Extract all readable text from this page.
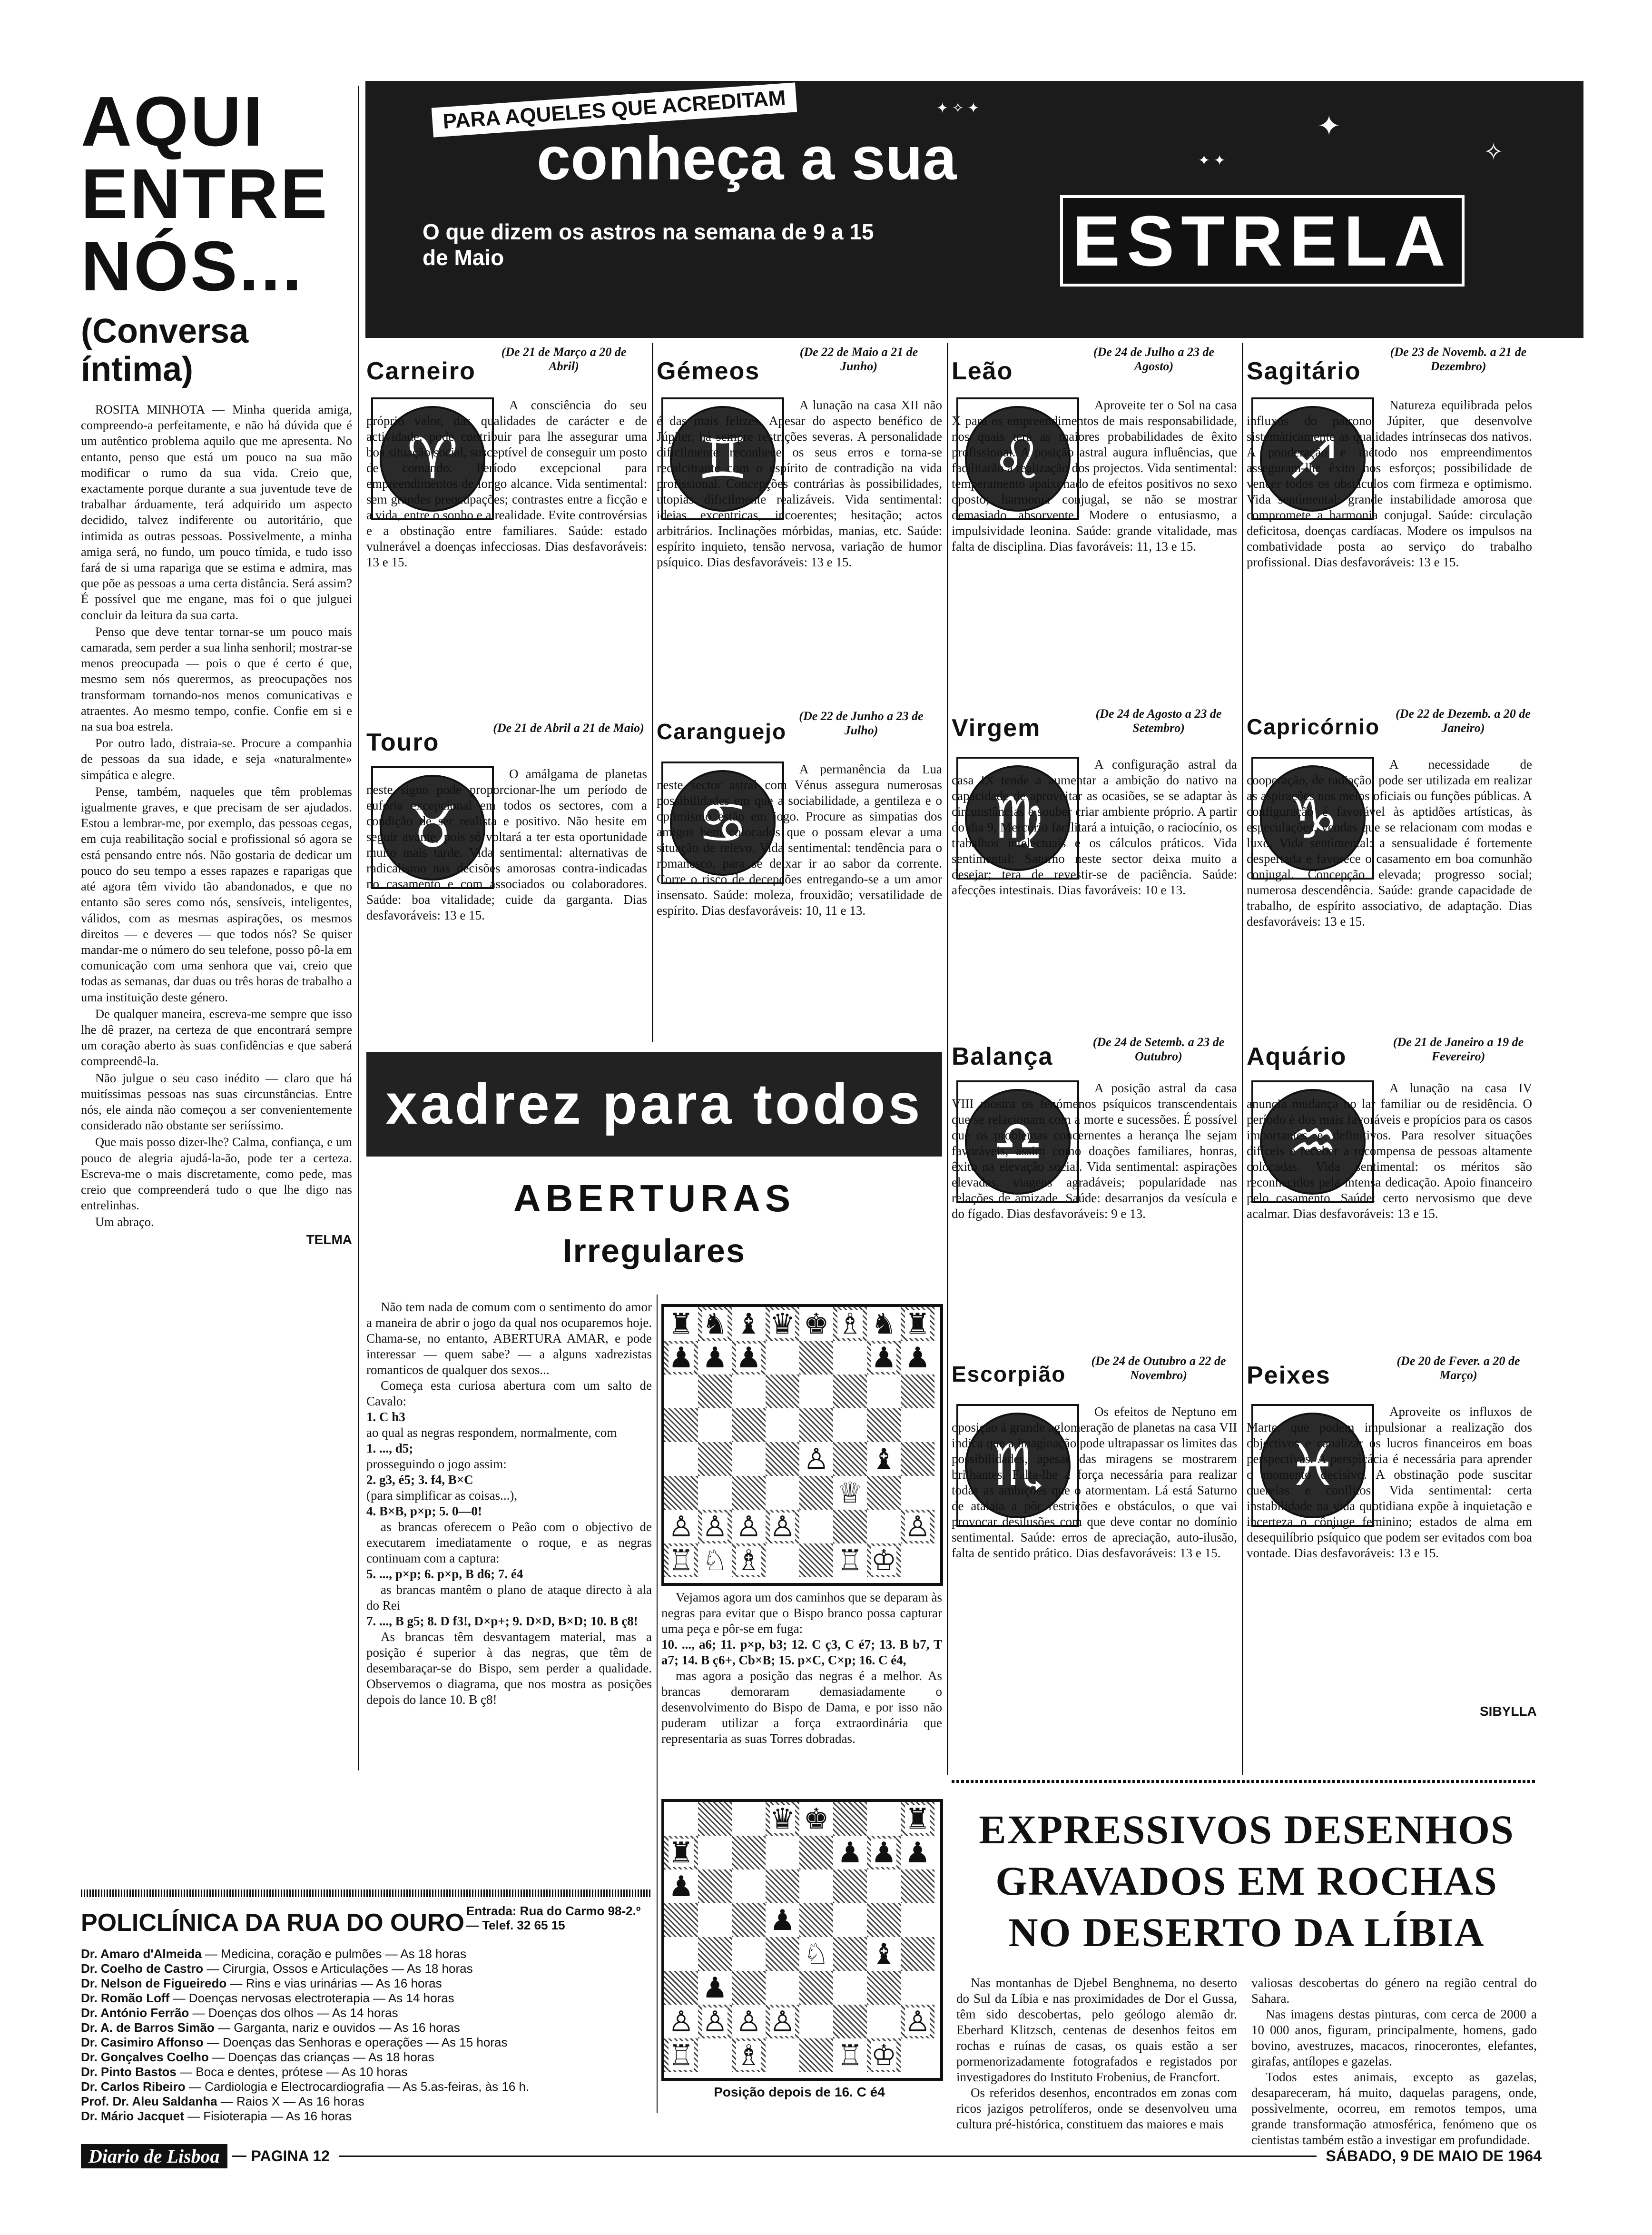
AQUI
ENTRE
NÓS...
(Conversa íntima)

ROSITA MINHOTA — Minha querida amiga, compreendo-a perfeitamente, e não há dúvida que é um autêntico problema aquilo que me apresenta. No entanto, penso que está um pouco na sua mão modificar o rumo da sua vida. Creio que, exactamente porque durante a sua juventude teve de trabalhar árduamente, terá adquirido um aspecto decidido, talvez indiferente ou autoritário, que intimida as outras pessoas. Possivelmente, a minha amiga será, no fundo, um pouco tímida, e tudo isso fará de si uma rapariga que se estima e admira, mas que põe as pessoas a uma certa distância. Será assim? É possível que me engane, mas foi o que julguei concluir da leitura da sua carta.

Penso que deve tentar tornar-se um pouco mais camarada, sem perder a sua linha senhoril; mostrar-se menos preocupada — pois o que é certo é que, mesmo sem nós querermos, as preocupações nos transformam tornando-nos menos comunicativas e atraentes. Ao mesmo tempo, confie. Confie em si e na sua boa estrela.

Por outro lado, distraia-se. Procure a companhia de pessoas da sua idade, e seja «naturalmente» simpática e alegre.

Pense, também, naqueles que têm problemas igualmente graves, e que precisam de ser ajudados. Estou a lembrar-me, por exemplo, das pessoas cegas, em cuja reabilitação social e profissional só agora se está pensando entre nós. Não gostaria de dedicar um pouco do seu tempo a esses rapazes e raparigas que até agora têm vivido tão abandonados, e que no entanto são seres como nós, sensíveis, inteligentes, válidos, com as mesmas aspirações, os mesmos direitos — e deveres — que todos nós? Se quiser mandar-me o número do seu telefone, posso pô-la em comunicação com uma senhora que vai, creio que todas as semanas, dar duas ou três horas de trabalho a uma instituição deste género.

De qualquer maneira, escreva-me sempre que isso lhe dê prazer, na certeza de que encontrará sempre um coração aberto às suas confidências e que saberá compreendê-la.

Não julgue o seu caso inédito — claro que há muitíssimas pessoas nas suas circunstâncias. Entre nós, ele ainda não começou a ser convenientemente considerado não obstante ser seriíssimo.

Que mais posso dizer-lhe? Calma, confiança, e um pouco de alegria ajudá-la-ão, pode ter a certeza. Escreva-me o mais discretamente, como pede, mas creio que compreenderá tudo o que lhe digo nas entrelinhas.

Um abraço.

TELMA
PARA AQUELES QUE ACREDITAM
conheça a sua
O que dizem os astros na semana de 9 a 15 de Maio	ESTRELA
✦ ✧ ✦
✦
✧
✦ ✦
Carneiro
(De 21 de Março a 20 de Abril)
♈
A consciência do seu próprio valor, das qualidades de carácter e de actividade, pode contribuir para lhe assegurar uma boa situação social, susceptível de conseguir um posto de comando. Período excepcional para empreendimentos de longo alcance. Vida sentimental: sem grandes preocupações; contrastes entre a ficção e a vida, entre o sonho e a realidade. Evite controvérsias e a obstinação entre familiares. Saúde: estado vulnerável a doenças infecciosas. Dias desfavoráveis: 13 e 15.
Gémeos
(De 22 de Maio a 21 de Junho)
♊
A lunação na casa XII não é das mais felizes. Apesar do aspecto benéfico de Júpiter, há sempre restrições severas. A personalidade dificilmente reconhece os seus erros e torna-se recalcitrante com o espírito de contradição na vida profissional. Concepções contrárias às possibilidades, utopias dificilmente realizáveis. Vida sentimental: ideias excêntricas, incoerentes; hesitação; actos arbitrários. Inclinações mórbidas, manias, etc. Saúde: espírito inquieto, tensão nervosa, variação de humor psíquico. Dias desfavoráveis: 13 e 15.
Leão
(De 24 de Julho a 23 de Agosto)
♌
Aproveite ter o Sol na casa X para os empreendimentos de mais responsabilidade, nos quais terá as maiores probabilidades de êxito profissional. A posição astral augura influências, que facilitarão a realização dos projectos. Vida sentimental: temperamento apaixonado de efeitos positivos no sexo oposto; harmonia conjugal, se não se mostrar demasiado absorvente. Modere o entusiasmo, a impulsividade leonina. Saúde: grande vitalidade, mas falta de disciplina. Dias favoráveis: 11, 13 e 15.
Sagitário
(De 23 de Novemb. a 21 de Dezembro)
♐
Natureza equilibrada pelos influxos do patrono Júpiter, que desenvolve sistemàticamente as qualidades intrínsecas dos nativos. A ponderação e método nos empreendimentos asseguram-lhe êxito nos esforços; possibilidade de vencer todos os obstáculos com firmeza e optimismo. Vida sentimental: grande instabilidade amorosa que compromete a harmonia conjugal. Saúde: circulação deficitosa, doenças cardíacas. Modere os impulsos na combatividade posta ao serviço do trabalho profissional. Dias desfavoráveis: 13 e 15.
Touro
(De 21 de Abril a 21 de Maio)
♉
O amálgama de planetas neste signo pode proporcionar-lhe um período de euforia excepcional em todos os sectores, com a condição de ser realista e positivo. Não hesite em seguir avante, pois só voltará a ter esta oportunidade muito mais tarde. Vida sentimental: alternativas de radicalismo nas decisões amorosas contra-indicadas no casamento e com associados ou colaboradores. Saúde: boa vitalidade; cuide da garganta. Dias desfavoráveis: 13 e 15.
Caranguejo
(De 22 de Junho a 23 de Julho)
♋
A permanência da Lua neste sector astral com Vénus assegura numerosas possibilidades em que a sociabilidade, a gentileza e o optimismo estão em jogo. Procure as simpatias dos amigos bem colocados que o possam elevar a uma situação de relevo. Vida sentimental: tendência para o romanesco, para se deixar ir ao sabor da corrente. Corre o risco de decepções entregando-se a um amor insensato. Saúde: moleza, frouxidão; versatilidade de espírito. Dias desfavoráveis: 10, 11 e 13.
Virgem
(De 24 de Agosto a 23 de Setembro)
♍
A configuração astral da casa IX tende a aumentar a ambição do nativo na capacidade de aproveitar as ocasiões, se se adaptar às circunstâncias e souber criar ambiente próprio. A partir do dia 9, Mercúrio facilitará a intuição, o raciocínio, os trabalhos intelectuais e os cálculos práticos. Vida sentimental: Saturno neste sector deixa muito a desejar; terá de revestir-se de paciência. Saúde: afecções intestinais. Dias favoráveis: 10 e 13.
Capricórnio
(De 22 de Dezemb. a 20 de Janeiro)
♑
A necessidade de cooperação, de radiação, pode ser utilizada em realizar as aspirações nos meios oficiais ou funções públicas. A configuração é favorável às aptidões artísticas, às especulações, vendas que se relacionam com modas e luxo. Vida sentimental: a sensualidade é fortemente despertada e favorece o casamento em boa comunhão conjugal. Concepção elevada; progresso social; numerosa descendência. Saúde: grande capacidade de trabalho, de espírito associativo, de adaptação. Dias desfavoráveis: 13 e 15.
Balança
(De 24 de Setemb. a 23 de Outubro)
♎
A posição astral da casa VIII mostra os fenómenos psíquicos transcendentais que se relacionam com a morte e sucessões. É possível que os problemas concernentes a herança lhe sejam favoráveis, assim como doações familiares, honras, êxito na elevação social. Vida sentimental: aspirações elevadas, viagens agradáveis; popularidade nas relações de amizade. Saúde: desarranjos da vesícula e do fígado. Dias desfavoráveis: 9 e 13.
Aquário
(De 21 de Janeiro a 19 de Fevereiro)
♒
A lunação na casa IV anuncia mudança no lar familiar ou de residência. O período é dos mais favoráveis e propícios para os casos importantes e definitivos. Para resolver situações difíceis e receber a recompensa de pessoas altamente colocadas. Vida sentimental: os méritos são reconhecidos pela intensa dedicação. Apoio financeiro pelo casamento. Saúde: certo nervosismo que deve acalmar. Dias desfavoráveis: 13 e 15.
Escorpião
(De 24 de Outubro a 22 de Novembro)
♏
Os efeitos de Neptuno em oposição à grande aglomeração de planetas na casa VII indica que a imaginação pode ultrapassar os limites das possibilidades, apesar das miragens se mostrarem brilhantes. Falta-lhe a força necessária para realizar todas as ambições que o atormentam. Lá está Saturno de atalaia a pôr restrições e obstáculos, o que vai provocar desilusões com que deve contar no domínio sentimental. Saúde: erros de apreciação, auto-ilusão, falta de sentido prático. Dias desfavoráveis: 13 e 15.
Peixes
(De 20 de Fever. a 20 de Março)
♓
Aproveite os influxos de Marte, que podem impulsionar a realização dos objectivos e canalizar os lucros financeiros em boas perspectivas. A perspicácia é necessária para aprender o momento decisivo. A obstinação pode suscitar querelas e conflitos. Vida sentimental: certa instabilidade na vida quotidiana expõe à inquietação e incerteza o cônjuge feminino; estados de alma em desequilíbrio psíquico que podem ser evitados com boa vontade. Dias desfavoráveis: 13 e 15.
SIBYLLA
xadrez para todos
ABERTURAS
Irregulares

Não tem nada de comum com o sentimento do amor a maneira de abrir o jogo da qual nos ocuparemos hoje. Chama-se, no entanto, ABERTURA AMAR, e pode interessar — quem sabe? — a alguns xadrezistas romanticos de qualquer dos sexos...

Começa esta curiosa abertura com um salto de Cavalo:

1. C h3

ao qual as negras respondem, normalmente, com

1. ..., d5;

prosseguindo o jogo assim:

2. g3, é5; 3. f4, B×C

(para simplificar as coisas...),

4. B×B, p×p; 5. 0—0!

as brancas oferecem o Peão com o objectivo de executarem imediatamente o roque, e as negras continuam com a captura:

5. ..., p×p; 6. p×p, B d6; 7. é4

as brancas mantêm o plano de ataque directo à ala do Rei

7. ..., B g5; 8. D f3!, D×p+; 9. D×D, B×D; 10. B ç8!

As brancas têm desvantagem material, mas a posição é superior à das negras, que têm de desembaraçar-se do Bispo, sem perder a qualidade. Observemos o diagrama, que nos mostra as posições depois do lance 10. B ç8!

♜ ♞ ♝ ♛ ♚ ♗ ♞ ♜
♟ ♟ ♟	♟ ♟
♙ ♝
♕
♙ ♙ ♙ ♙	♙
♖ ♘ ♗	♖ ♔

Vejamos agora um dos caminhos que se deparam às negras para evitar que o Bispo branco possa capturar uma peça e pôr-se em fuga:

10. ..., a6; 11. p×p, b3; 12. C ç3, C é7; 13. B b7, T a7; 14. B ç6+, Cb×B; 15. p×C, C×p; 16. C é4,

mas agora a posição das negras é a melhor. As brancas demoraram demasiadamente o desenvolvimento do Bispo de Dama, e por isso não puderam utilizar a força extraordinária que representaria as suas Torres dobradas.

♛ ♚	♜
♜	♟ ♟ ♟
♟
♟
♘ ♝
♟
♙ ♙ ♙ ♙	♙
♖ ♗	♖ ♔
Posição depois de 16. C é4
POLICLÍNICA DA RUA DO OURO Entrada: Rua do Carmo 98-2.º — Telef. 32 65 15
Dr. Amaro d'Almeida — Medicina, coração e pulmões — As 18 horas
Dr. Coelho de Castro — Cirurgia, Ossos e Articulações — As 18 horas
Dr. Nelson de Figueiredo — Rins e vias urinárias — As 16 horas
Dr. Romão Loff — Doenças nervosas electroterapia — As 14 horas
Dr. António Ferrão — Doenças dos olhos — As 14 horas
Dr. A. de Barros Simão — Garganta, nariz e ouvidos — As 16 horas
Dr. Casimiro Affonso — Doenças das Senhoras e operações — As 15 horas
Dr. Gonçalves Coelho — Doenças das crianças — As 18 horas
Dr. Pinto Bastos — Boca e dentes, prótese — As 10 horas
Dr. Carlos Ribeiro — Cardiologia e Electrocardiografia — As 5.as-feiras, às 16 h.
Prof. Dr. Aleu Saldanha — Raios X — As 16 horas
Dr. Mário Jacquet — Fisioterapia — As 16 horas
EXPRESSIVOS DESENHOS
GRAVADOS EM ROCHAS
NO DESERTO DA LÍBIA

Nas montanhas de Djebel Benghnema, no deserto do Sul da Líbia e nas proximidades de Dor el Gussa, têm sido descobertas, pelo geólogo alemão dr. Eberhard Klitzsch, centenas de desenhos feitos em rochas e ruínas de casas, os quais estão a ser pormenorizadamente fotografados e registados por investigadores do Instituto Frobenius, de Francfort.

Os referidos desenhos, encontrados em zonas com ricos jazigos petrolíferos, onde se desenvolveu uma cultura pré-histórica, constituem das maiores e mais

valiosas descobertas do género na região central do Sahara.

Nas imagens destas pinturas, com cerca de 2000 a 10 000 anos, figuram, principalmente, homens, gado bovino, avestruzes, macacos, rinocerontes, elefantes, girafas, antílopes e gazelas.

Todos estes animais, excepto as gazelas, desapareceram, há muito, daquelas paragens, onde, possìvelmente, ocorreu, em remotos tempos, uma grande transformação atmosférica, fenómeno que os cientistas também estão a investigar em profundidade.

Diario de Lisboa	PAGINA 12	SÁBADO, 9 DE MAIO DE 1964
